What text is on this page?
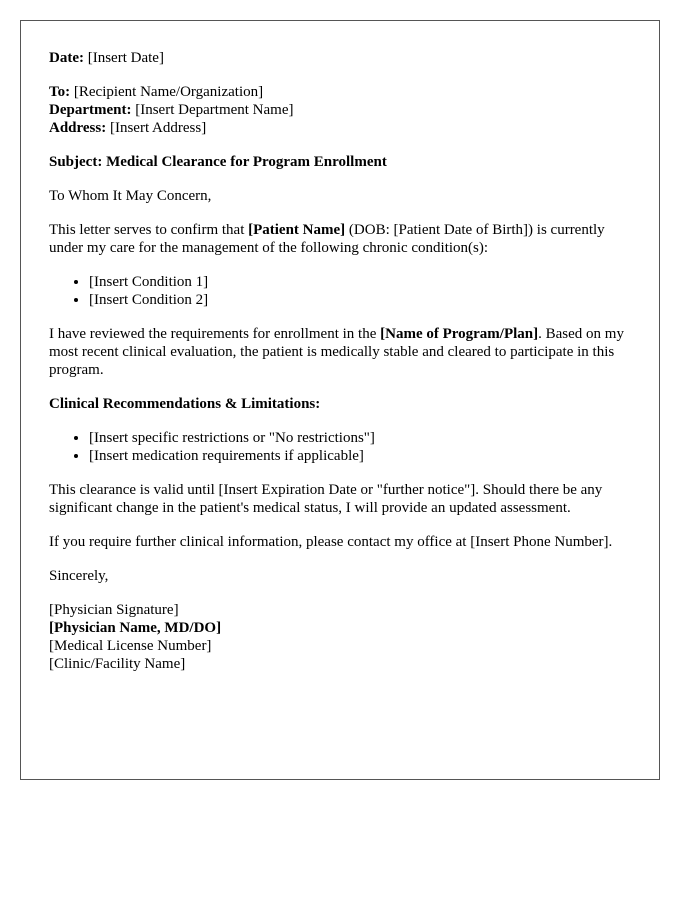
Date: [Insert Date]

To: [Recipient Name/Organization]
Department: [Insert Department Name]
Address: [Insert Address]

Subject: Medical Clearance for Program Enrollment

To Whom It May Concern,

This letter serves to confirm that [Patient Name] (DOB: [Patient Date of Birth]) is currently under my care for the management of the following chronic condition(s):

• [Insert Condition 1]
• [Insert Condition 2]

I have reviewed the requirements for enrollment in the [Name of Program/Plan]. Based on my most recent clinical evaluation, the patient is medically stable and cleared to participate in this program.

Clinical Recommendations & Limitations:

• [Insert specific restrictions or "No restrictions"]
• [Insert medication requirements if applicable]

This clearance is valid until [Insert Expiration Date or "further notice"]. Should there be any significant change in the patient's medical status, I will provide an updated assessment.

If you require further clinical information, please contact my office at [Insert Phone Number].

Sincerely,

[Physician Signature]
[Physician Name, MD/DO]
[Medical License Number]
[Clinic/Facility Name]
